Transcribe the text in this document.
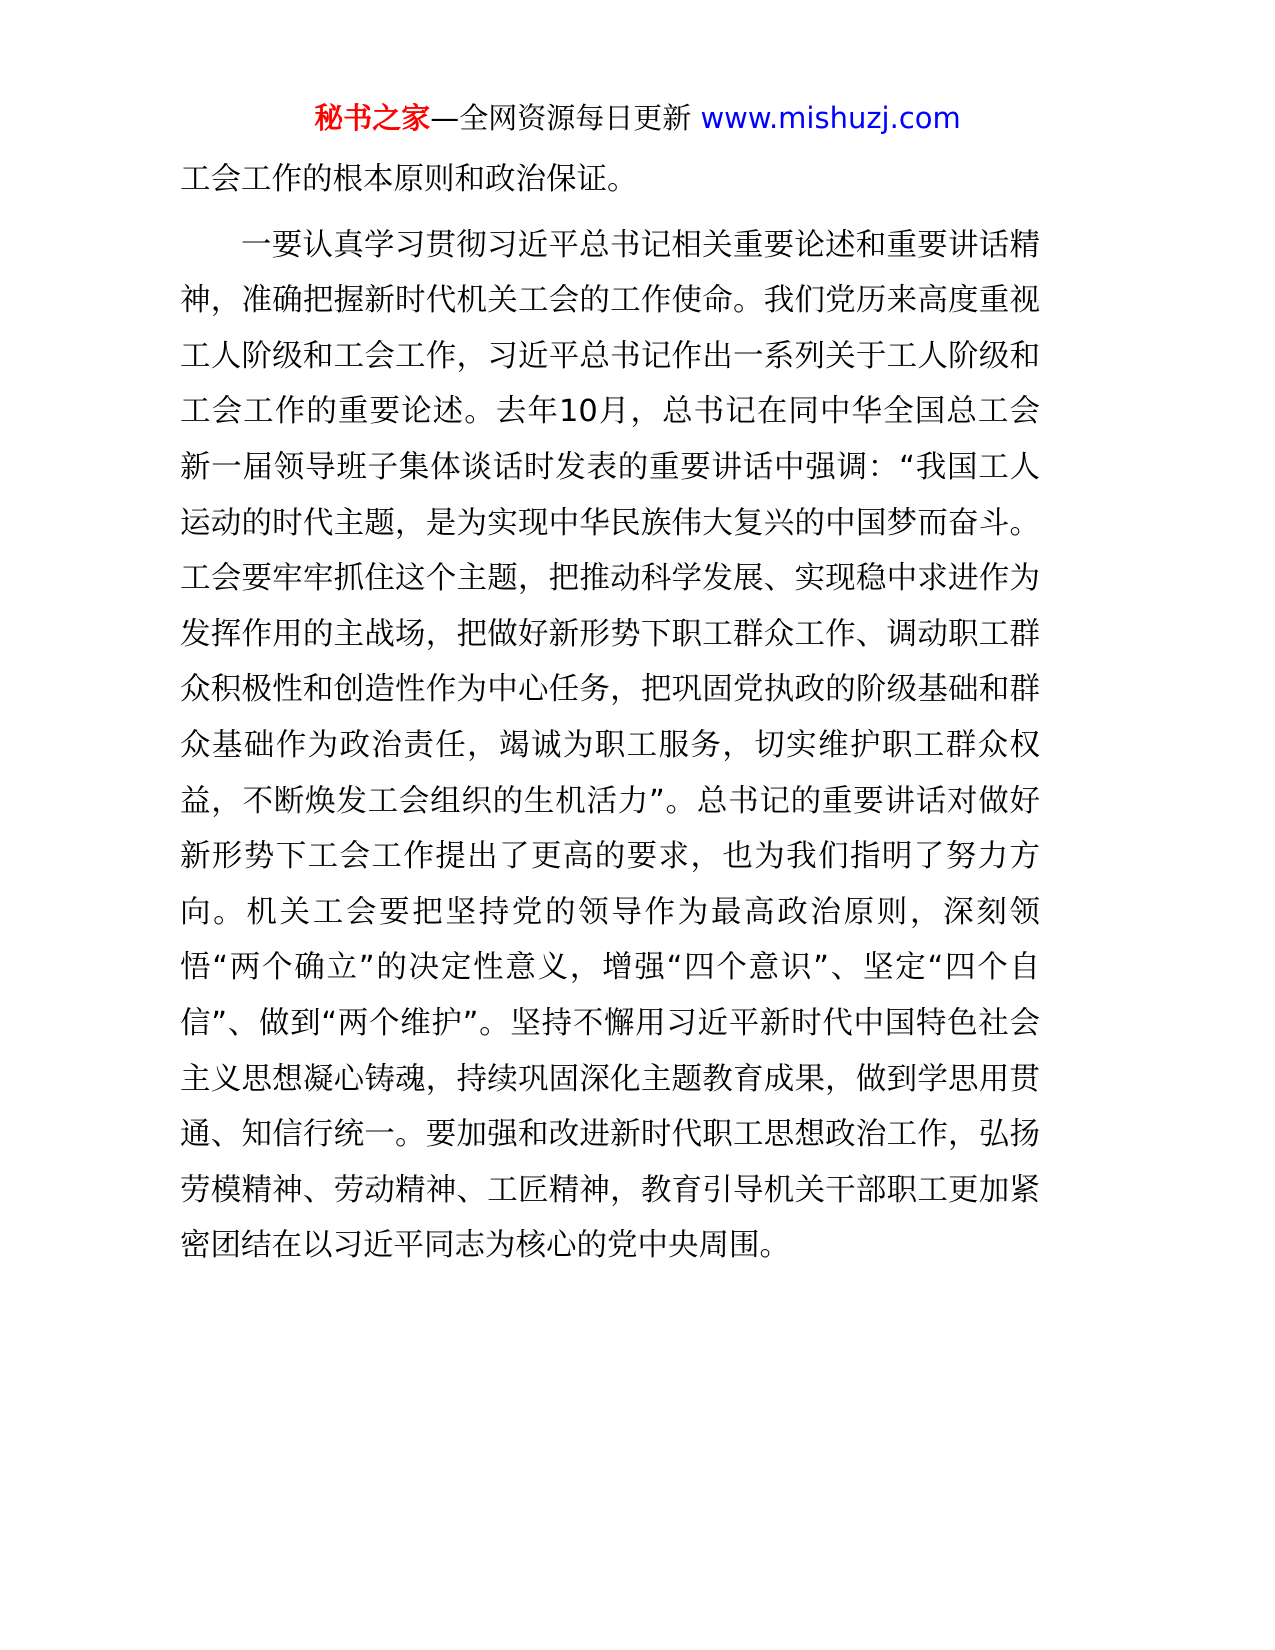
秘书之家—全网资源每日更新 www.mishuzj.com

工会工作的根本原则和政治保证。

一要认真学习贯彻习近平总书记相关重要论述和重要讲话精神，准确把握新时代机关工会的工作使命。我们党历来高度重视工人阶级和工会工作，习近平总书记作出一系列关于工人阶级和工会工作的重要论述。去年10月，总书记在同中华全国总工会新一届领导班子集体谈话时发表的重要讲话中强调：“我国工人运动的时代主题，是为实现中华民族伟大复兴的中国梦而奋斗。工会要牢牢抓住这个主题，把推动科学发展、实现稳中求进作为发挥作用的主战场，把做好新形势下职工群众工作、调动职工群众积极性和创造性作为中心任务，把巩固党执政的阶级基础和群众基础作为政治责任，竭诚为职工服务，切实维护职工群众权益，不断焕发工会组织的生机活力”。总书记的重要讲话对做好新形势下工会工作提出了更高的要求，也为我们指明了努力方向。机关工会要把坚持党的领导作为最高政治原则，深刻领悟“两个确立”的决定性意义，增强“四个意识”、坚定“四个自信”、做到“两个维护”。坚持不懈用习近平新时代中国特色社会主义思想凝心铸魂，持续巩固深化主题教育成果，做到学思用贯通、知信行统一。要加强和改进新时代职工思想政治工作，弘扬劳模精神、劳动精神、工匠精神，教育引导机关干部职工更加紧密团结在以习近平同志为核心的党中央周围。
